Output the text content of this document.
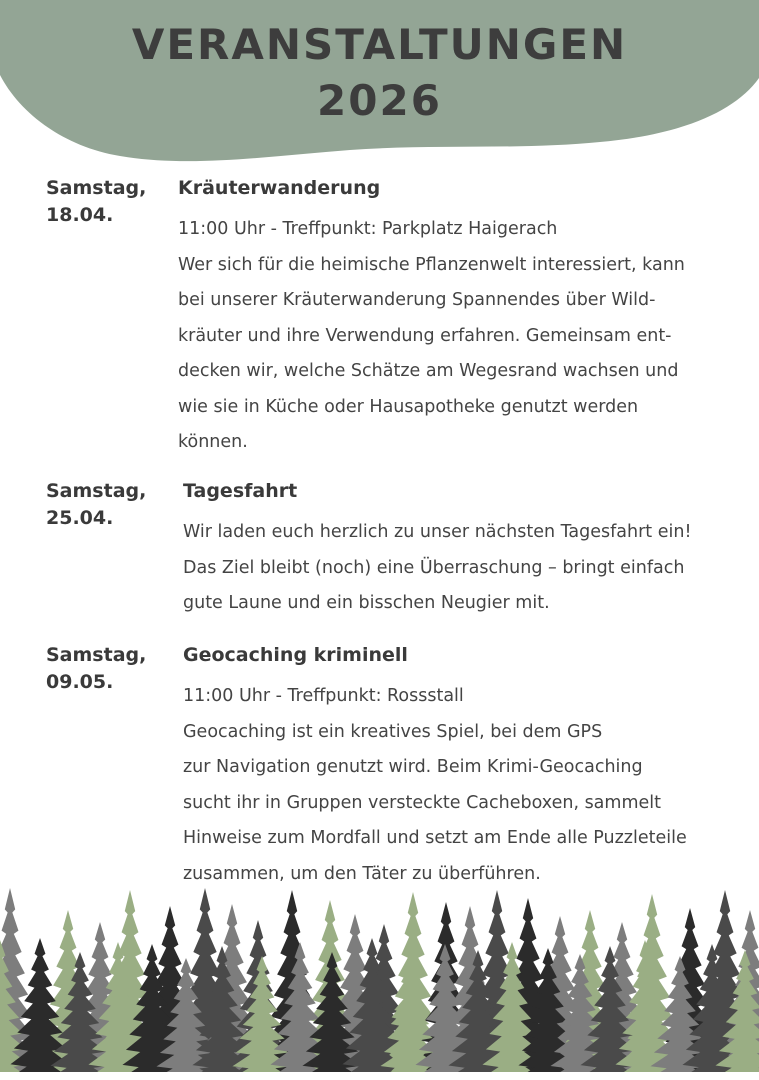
VERANSTALTUNGEN
2026
Samstag,
18.04.
Kräuterwanderung
11:00 Uhr - Treffpunkt: Parkplatz Haigerach
Wer sich für die heimische Pflanzenwelt interessiert, kann
bei unserer Kräuterwanderung Spannendes über Wild-
kräuter und ihre Verwendung erfahren. Gemeinsam ent-
decken wir, welche Schätze am Wegesrand wachsen und
wie sie in Küche oder Hausapotheke genutzt werden
können.
Samstag,
25.04.
Tagesfahrt
Wir laden euch herzlich zu unser nächsten Tagesfahrt ein!
Das Ziel bleibt (noch) eine Überraschung – bringt einfach
gute Laune und ein bisschen Neugier mit.
Samstag,
09.05.
Geocaching kriminell
11:00 Uhr - Treffpunkt: Rossstall
Geocaching ist ein kreatives Spiel, bei dem GPS
zur Navigation genutzt wird. Beim Krimi-Geocaching
sucht ihr in Gruppen versteckte Cacheboxen, sammelt
Hinweise zum Mordfall und setzt am Ende alle Puzzleteile
zusammen, um den Täter zu überführen.
